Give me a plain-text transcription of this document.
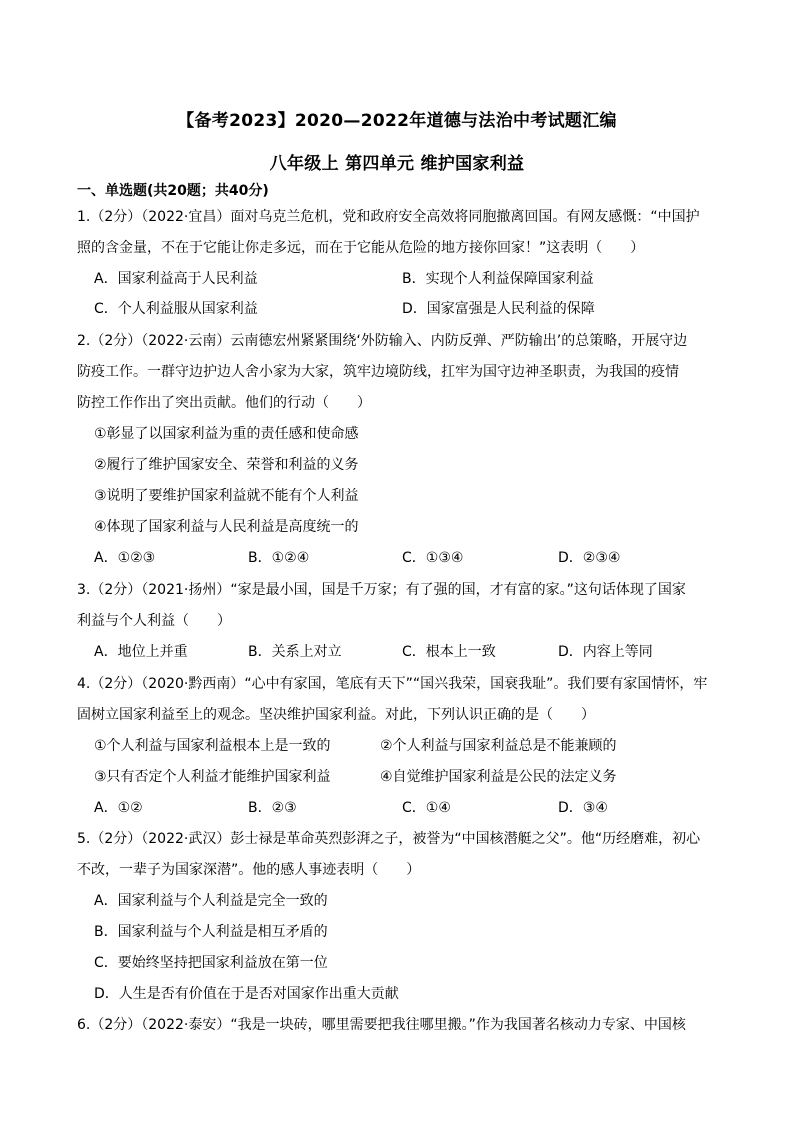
【备考2023】2020—2022年道德与法治中考试题汇编
八年级上 第四单元 维护国家利益
一、单选题(共20题；共40分)
1.（2分）（2022·宜昌）面对乌克兰危机，党和政府安全高效将同胞撤离回国。有网友感慨：“中国护
照的含金量，不在于它能让你走多远，而在于它能从危险的地方接你回家！”这表明（　　）
A．国家利益高于人民利益	B．实现个人利益保障国家利益
C．个人利益服从国家利益	D．国家富强是人民利益的保障
2.（2分）（2022·云南）云南德宏州紧紧围绕‘外防输入、内防反弹、严防输出’的总策略，开展守边
防疫工作。一群守边护边人舍小家为大家，筑牢边境防线，扛牢为国守边神圣职责，为我国的疫情
防控工作作出了突出贡献。他们的行动（　　）
①彰显了以国家利益为重的责任感和使命感
②履行了维护国家安全、荣誉和利益的义务
③说明了要维护国家利益就不能有个人利益
④体现了国家利益与人民利益是高度统一的
A．①②③	B．①②④	C．①③④	D．②③④
3.（2分）（2021·扬州）“家是最小国，国是千万家；有了强的国，才有富的家。”这句话体现了国家
利益与个人利益（　　）
A．地位上并重	B．关系上对立	C．根本上一致	D．内容上等同
4.（2分）（2020·黔西南）“心中有家国，笔底有天下”“国兴我荣，国衰我耻”。我们要有家国情怀，牢
固树立国家利益至上的观念。坚决维护国家利益。对此，下列认识正确的是（　　）
①个人利益与国家利益根本上是一致的	②个人利益与国家利益总是不能兼顾的
③只有否定个人利益才能维护国家利益	④自觉维护国家利益是公民的法定义务
A．①②	B．②③	C．①④	D．③④
5.（2分）（2022·武汉）彭士禄是革命英烈彭湃之子，被誉为“中国核潜艇之父”。他“历经磨难，初心
不改，一辈子为国家深潜”。他的感人事迹表明（　　）
A．国家利益与个人利益是完全一致的
B．国家利益与个人利益是相互矛盾的
C．要始终坚持把国家利益放在第一位
D．人生是否有价值在于是否对国家作出重大贡献
6.（2分）（2022·泰安）“我是一块砖，哪里需要把我往哪里搬。”作为我国著名核动力专家、中国核
